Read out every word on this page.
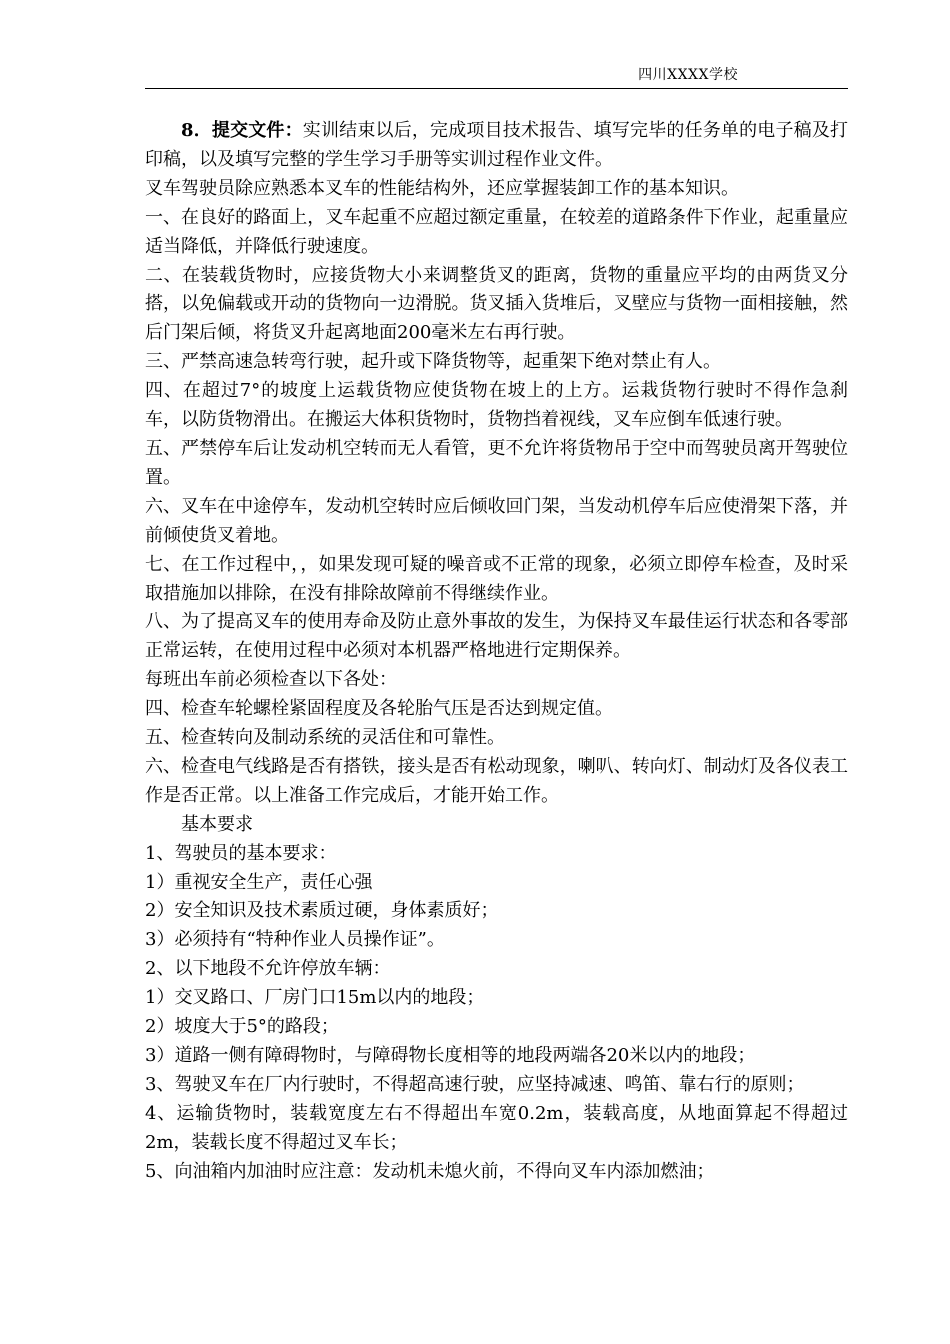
四川XXXX学校

8．提交文件：实训结束以后，完成项目技术报告、填写完毕的任务单的电子稿及打印稿，以及填写完整的学生学习手册等实训过程作业文件。

叉车驾驶员除应熟悉本叉车的性能结构外，还应掌握装卸工作的基本知识。

一、在良好的路面上，叉车起重不应超过额定重量，在较差的道路条件下作业，起重量应适当降低，并降低行驶速度。

二、在装载货物时，应接货物大小来调整货叉的距离，货物的重量应平均的由两货叉分搭，以免偏载或开动的货物向一边滑脱。货叉插入货堆后，叉壁应与货物一面相接触，然后门架后倾，将货叉升起离地面200毫米左右再行驶。

三、严禁高速急转弯行驶，起升或下降货物等，起重架下绝对禁止有人。

四、在超过7°的坡度上运载货物应使货物在坡上的上方。运栽货物行驶时不得作急刹车，以防货物滑出。在搬运大体积货物时，货物挡着视线，叉车应倒车低速行驶。

五、严禁停车后让发动机空转而无人看管，更不允许将货物吊于空中而驾驶员离开驾驶位置。

六、叉车在中途停车，发动机空转时应后倾收回门架，当发动机停车后应使滑架下落，并前倾使货叉着地。

七、在工作过程中，，如果发现可疑的噪音或不正常的现象，必须立即停车检查，及时采取措施加以排除，在没有排除故障前不得继续作业。

八、为了提高叉车的使用寿命及防止意外事故的发生，为保持叉车最佳运行状态和各零部正常运转，在使用过程中必须对本机器严格地进行定期保养。

每班出车前必须检查以下各处：

四、检查车轮螺栓紧固程度及各轮胎气压是否达到规定值。

五、检查转向及制动系统的灵活住和可靠性。

六、检查电气线路是否有搭铁，接头是否有松动现象，喇叭、转向灯、制动灯及各仪表工作是否正常。以上准备工作完成后，才能开始工作。

基本要求

1、驾驶员的基本要求：

1）重视安全生产，责任心强

2）安全知识及技术素质过硬，身体素质好；

3）必须持有“特种作业人员操作证”。

2、以下地段不允许停放车辆：

1）交叉路口、厂房门口15m以内的地段；

2）坡度大于5°的路段；

3）道路一侧有障碍物时，与障碍物长度相等的地段两端各20米以内的地段；

3、驾驶叉车在厂内行驶时，不得超高速行驶，应坚持减速、鸣笛、靠右行的原则；

4、运输货物时，装载宽度左右不得超出车宽0.2m，装载高度，从地面算起不得超过2m，装载长度不得超过叉车长；

5、向油箱内加油时应注意：发动机未熄火前，不得向叉车内添加燃油；
